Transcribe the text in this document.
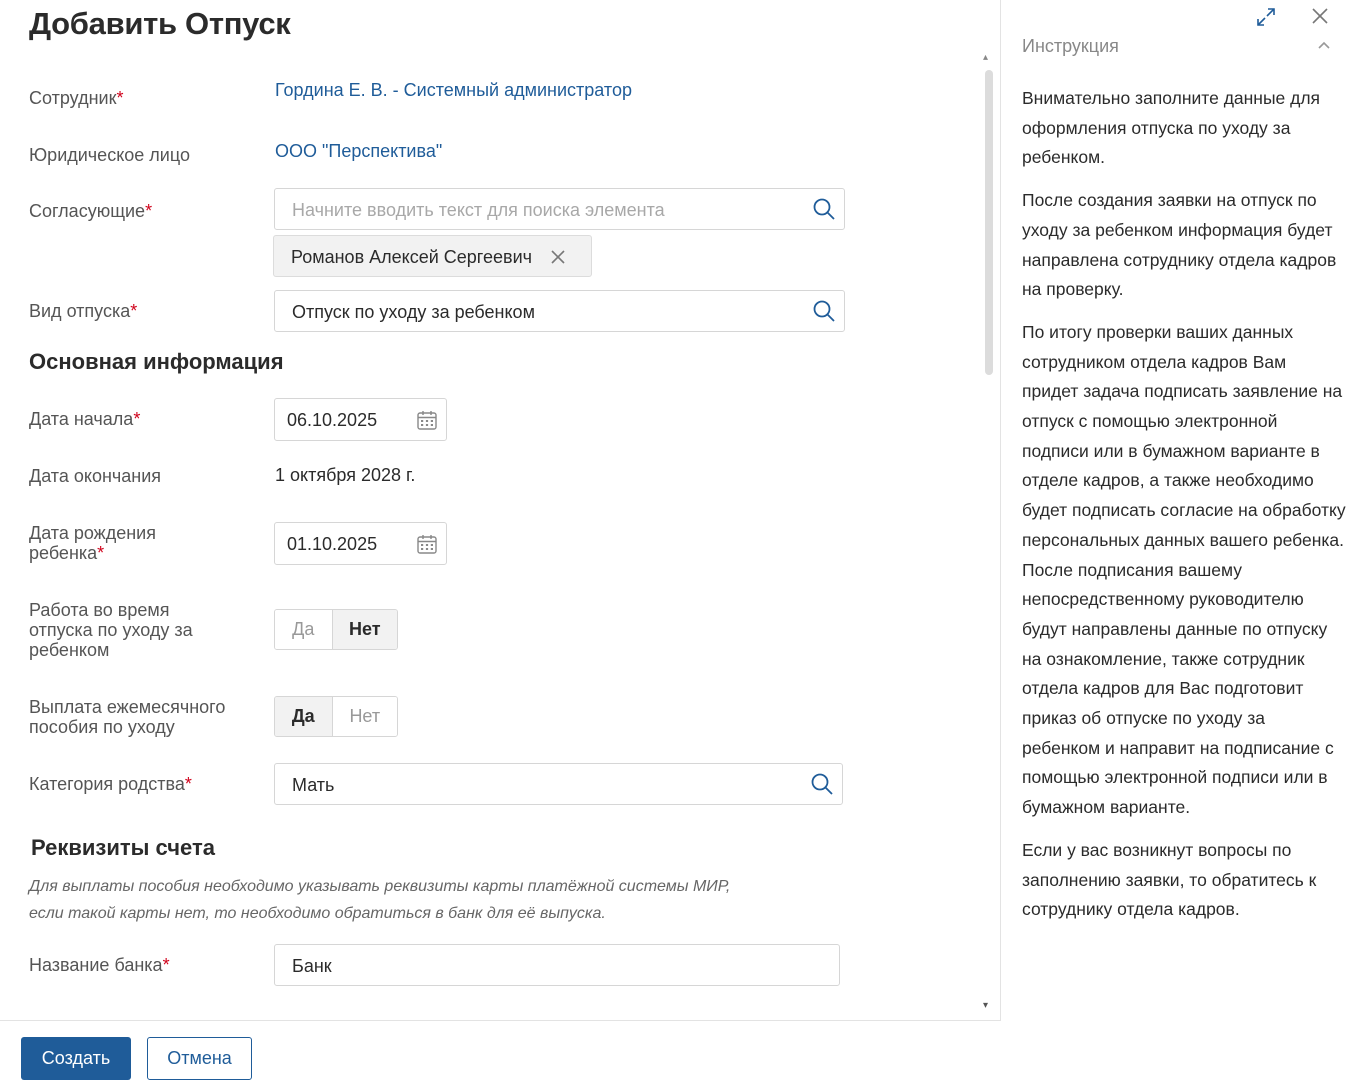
Добавить Отпуск
▴
▾
Сотрудник*	Гордина Е. В. - Системный администратор
Юридическое лицо	ООО "Перспектива"
Согласующие*	Начните вводить текст для поиска элемента
Романов Алексей Сергеевич
Вид отпуска*	Отпуск по уходу за ребенком
Основная информация
Дата начала*	06.10.2025
Дата окончания	1 октября 2028 г.
Дата рождения
ребенка*	01.10.2025
Работа во время
отпуска по уходу за
ребенком
Да	Нет
Выплата ежемесячного
пособия по уходу
Да	Нет
Категория родства*	Мать
Реквизиты счета
Для выплаты пособия необходимо указывать реквизиты карты платёжной системы МИР,
если такой карты нет, то необходимо обратиться в банк для её выпуска.
Название банка*	Банк
Создать	Отмена
Инструкция

Внимательно заполните данные для оформления отпуска по уходу за ребенком.

После создания заявки на отпуск по уходу за ребенком информация будет направлена сотруднику отдела кадров на проверку.

По итогу проверки ваших данных сотрудником отдела кадров Вам придет задача подписать заявление на отпуск с помощью электронной подписи или в бумажном варианте в отделе кадров, а также необходимо будет подписать согласие на обработку персональных данных вашего ребенка.

После подписания вашему непосредственному руководителю будут направлены данные по отпуску на ознакомление, также сотрудник отдела кадров для Вас подготовит приказ об отпуске по уходу за ребенком и направит на подписание с помощью электронной подписи или в бумажном варианте.

Если у вас возникнут вопросы по заполнению заявки, то обратитесь к сотруднику отдела кадров.
